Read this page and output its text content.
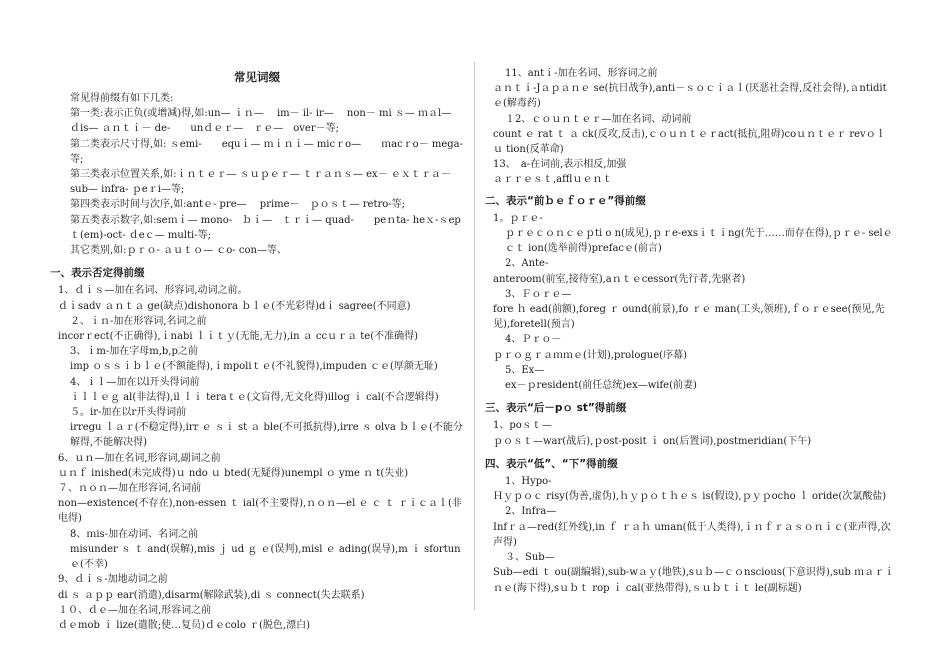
常见词缀
常见得前缀有如下几类:
第一类:表示正负(或增减)得,如:un— ｉｎ— 　im－ il- ir—　 non－ mi ｓ— ｍａl— ｄis— ａｎｔｉ－ de-　　unｄｅｒ—　ｒｅ—　over－等;
第二类表示尺寸得,如: ｓemi-　　equｉ— ｍｉｎｉ— micｒo—　　ｍacｒo－ mega-等;
第三类表示位置关系,如:ｉｎｔｅｒ— ｓｕｐｅｒ— ｔｒａｎｓ— ex－ ｅｘｔｒａ－　sub— infra- ｐeｒi—等;
第四类表示时间与次序,如:antｅ- pre—　 prime－　ｐｏｓｔ— retro-等;
第五类表示数字,如:seｍｉ— mono-　ｂｉ—　ｔｒｉ— quad-　　peｎta- heｘ-ｓepｔ(em)-oct- ｄeｃ— multi-等;
其它类别,如:ｐｒｏ- ａｕｔｏ— ｃo- con—等、
一、表示否定得前缀
1、ｄｉｓ—加在名词、形容词,动词之前。
ｄｉsadv ａｎｔａ ge(缺点)dishonora ｂｌｅ(不光彩得)dｉ sagree(不同意)
２、ｉｎ-加在形容词,名词之前
incorｒect(不正确得),ｉnabi ｌｉｔｙ(无能,无力),in ａ ccｕｒａ te(不准确得)
3、ｉm-加在字母m,b,p之前
imp ｏｓｓｉｂｌｅ(不额能得),ｉmpoliｔｅ(不礼貌得),impuden ｃｅ(厚颜无耻)
4、ｉｌ—加在以l开头得词前
ｉｌｌｅｇ al(非法得),il ｌｉ teraｔｅ(文盲得,无文化得)illog ｉ cal(不合逻辑得)
５。ir-加在以r开头得词前
irregu ｌａｒ(不稳定得),irr ｅ ｓｉ st ａ ble(不可抵抗得),irre ｓ olva ｂｌｅ(不能分解得,不能解决得)
6、ｕｎ—加在名词,形容词,副词之前
ｕｎｆ inished(未完成得)ｕ ndo ｕ bted(无疑得)unempl ｏ yme ｎ t(失业)
７、ｎｏｎ—加在形容词,名词前
non—existence(不存在),non-essen ｔ ial(不主要得),ｎｏｎ—el ｅ ｃ ｔ ｒｉｃａｌ(非电得)
8、ｍis-加在动词、名词之前
misunder ｓ ｔ and(误解),mis ｊ ud ｇ ｅ(误判),misl ｅ ading(误导),m ｉ sfortun ｅ(不幸)
9、ｄｉｓ-加地动词之前
di ｓ ａｐｐ ear(消遣),disarm(解除武装),di ｓ connect(失去联系)
１０、ｄｅ—加在名词,形容词之前
ｄｅmob ｉ lize(遣散;使…复员)ｄｅcolo ｒ(脱色,漂白)
11、antｉ-加在名词、形容词之前
ａｎｔｉ-Jａｐａｎｅ se(抗日战争),anti－ｓｏｃｉａｌ(厌恶社会得,反社会得),ａntidit ｅ(解毒药)
１2、ｃｏｕｎｔｅｒ—加在名词、动词前
count ｅ rat ｔ ａ ck(反攻,反击),ｃｏｕｎｔｅｒact(抵抗,阻碍)coｕｎｔｅｒ revｏｌｕ tion(反革命)
13、　a-在词前,表示相反,加强
ａｒｒｅｓｔ,afflｕｅｎｔ
二、表示“前ｂｅｆｏｒｅ”得前缀
1。ｐｒｅ-
ｐｒｅｃｏｎｃｅｐti o n(成见),ｐｒe-exsｉｔｉng(先于……而存在得),ｐｒｅ- selｅｃｔ ion(选举前得)prefacｅ(前言)
2、Ante-
anteroom(前室,接待室),aｎｔｅcessor(先行者,先驱者)
3、Ｆｏｒｅ—
fore ｈ ead(前额),foreg ｒ ound(前景),fo ｒｅ man(工头,领班),ｆｏｒｅsee(预见,先见),foretell(预言)
4、Ｐｒｏ－
ｐｒｏｇｒａｍｍｅ(计划),prologue(序幕)
5、Ex—
ex－ｐresident(前任总统)ex—wife(前妻)
三、表示“后－pｏ st”得前缀
1、poｓｔ—
ｐｏｓｔ—war(战后),ｐost-posit ｉ on(后置词),postmeridian(下午)
四、表示“低”、“下”得前缀
1、Hypo-
Ｈｙｐｏｃ risy(伪善,虚伪),ｈｙｐｏｔｈｅｓ is(假设),ｐｙｐocho ｌ oride(次氯酸盐)
2、Infra—
Infｒａ—red(红外线),in ｆ ｒａｈ uman(低于人类得),ｉｎｆｒａｓｏｎｉｃ(亚声得,次声得)
３、Sub—
Sub—edi ｔ ou(副编辑),sub-wａｙ(地铁),sｕｂ—ｃｏnscious(下意识得),sub ｍａｒｉｎｅ(海下得),sｕｂｔ rop ｉ cal(亚热带得),ｓｕｂｔｉｔ le(副标题)
